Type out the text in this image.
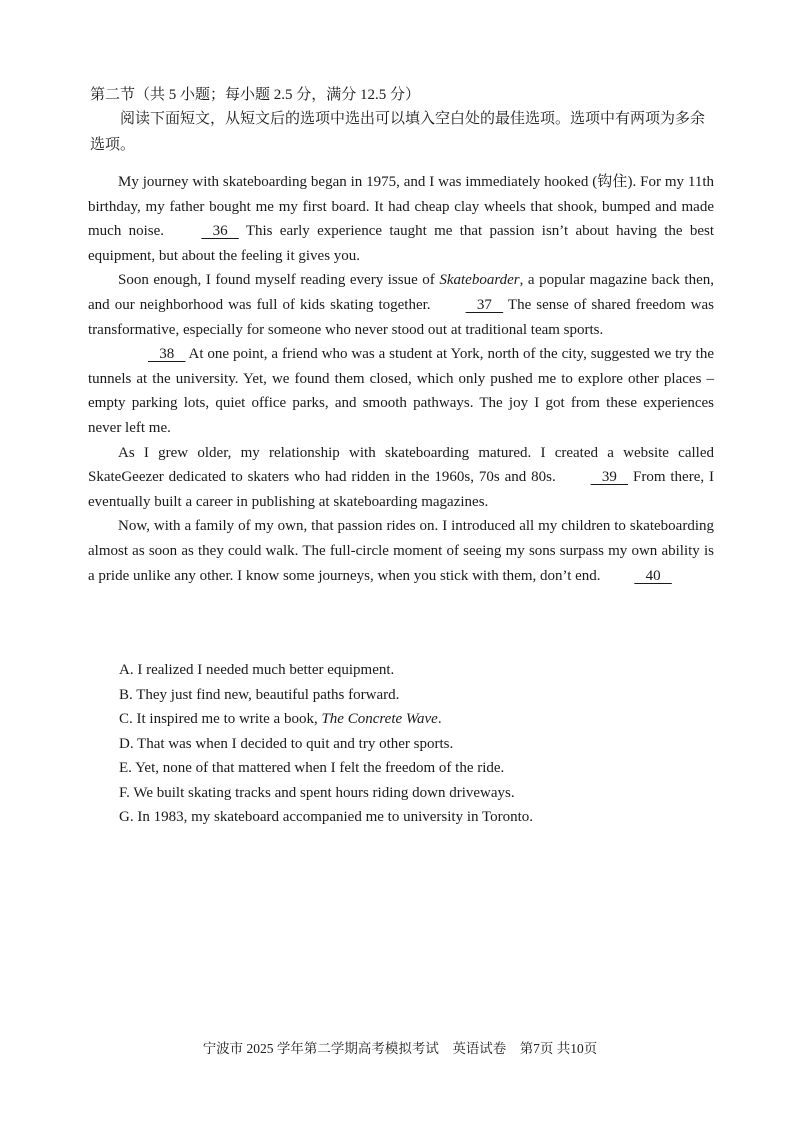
第二节（共 5 小题；每小题 2.5 分，满分 12.5 分）
阅读下面短文，从短文后的选项中选出可以填入空白处的最佳选项。选项中有两项为多余选项。

My journey with skateboarding began in 1975, and I was immediately hooked (钩住). For my 11th birthday, my father bought me my first board. It had cheap clay wheels that shook, bumped and made much noise.    36    This early experience taught me that passion isn’t about having the best equipment, but about the feeling it gives you.

Soon enough, I found myself reading every issue of Skateboarder, a popular magazine back then, and our neighborhood was full of kids skating together.    37    The sense of shared freedom was transformative, especially for someone who never stood out at traditional team sports.

38    At one point, a friend who was a student at York, north of the city, suggested we try the tunnels at the university. Yet, we found them closed, which only pushed me to explore other places – empty parking lots, quiet office parks, and smooth pathways. The joy I got from these experiences never left me.

As I grew older, my relationship with skateboarding matured. I created a website called SkateGeezer dedicated to skaters who had ridden in the 1960s, 70s and 80s.    39    From there, I eventually built a career in publishing at skateboarding magazines.

Now, with a family of my own, that passion rides on. I introduced all my children to skateboarding almost as soon as they could walk. The full-circle moment of seeing my sons surpass my own ability is a pride unlike any other. I know some journeys, when you stick with them, don’t end.    40

A. I realized I needed much better equipment.
B. They just find new, beautiful paths forward.
C. It inspired me to write a book, The Concrete Wave.
D. That was when I decided to quit and try other sports.
E. Yet, none of that mattered when I felt the freedom of the ride.
F. We built skating tracks and spent hours riding down driveways.
G. In 1983, my skateboard accompanied me to university in Toronto.
宁波市 2025 学年第二学期高考模拟考试 英语试卷 第7页 共10页
